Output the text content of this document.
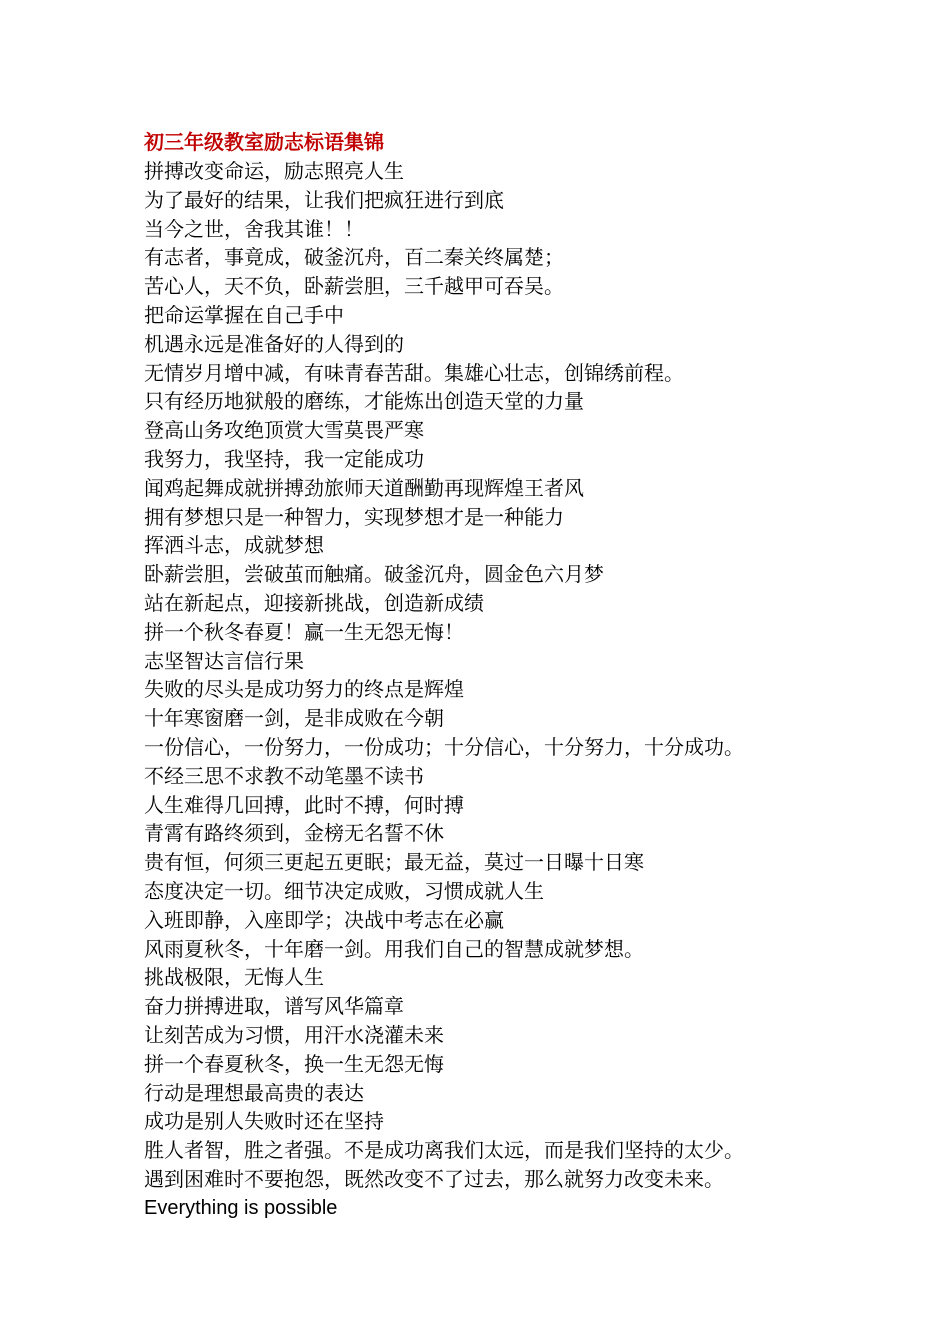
初三年级教室励志标语集锦
拼搏改变命运，励志照亮人生
为了最好的结果，让我们把疯狂进行到底
当今之世，舍我其谁！！
有志者，事竟成，破釜沉舟，百二秦关终属楚；
苦心人，天不负，卧薪尝胆，三千越甲可吞吴。
把命运掌握在自己手中
机遇永远是准备好的人得到的
无情岁月增中减，有味青春苦甜。集雄心壮志，创锦绣前程。
只有经历地狱般的磨练，才能炼出创造天堂的力量
登高山务攻绝顶赏大雪莫畏严寒
我努力，我坚持，我一定能成功
闻鸡起舞成就拼搏劲旅师天道酬勤再现辉煌王者风
拥有梦想只是一种智力，实现梦想才是一种能力
挥洒斗志，成就梦想
卧薪尝胆，尝破茧而触痛。破釜沉舟，圆金色六月梦
站在新起点，迎接新挑战，创造新成绩
拼一个秋冬春夏！赢一生无怨无悔！
志坚智达言信行果
失败的尽头是成功努力的终点是辉煌
十年寒窗磨一剑，是非成败在今朝
一份信心，一份努力，一份成功；十分信心，十分努力，十分成功。
不经三思不求教不动笔墨不读书
人生难得几回搏，此时不搏，何时搏
青霄有路终须到，金榜无名誓不休
贵有恒，何须三更起五更眠；最无益，莫过一日曝十日寒
态度决定一切。细节决定成败，习惯成就人生
入班即静，入座即学；决战中考志在必赢
风雨夏秋冬，十年磨一剑。用我们自己的智慧成就梦想。
挑战极限，无悔人生
奋力拼搏进取，谱写风华篇章
让刻苦成为习惯，用汗水浇灌未来
拼一个春夏秋冬，换一生无怨无悔
行动是理想最高贵的表达
成功是别人失败时还在坚持
胜人者智，胜之者强。不是成功离我们太远，而是我们坚持的太少。
遇到困难时不要抱怨，既然改变不了过去，那么就努力改变未来。
Everything is possible
